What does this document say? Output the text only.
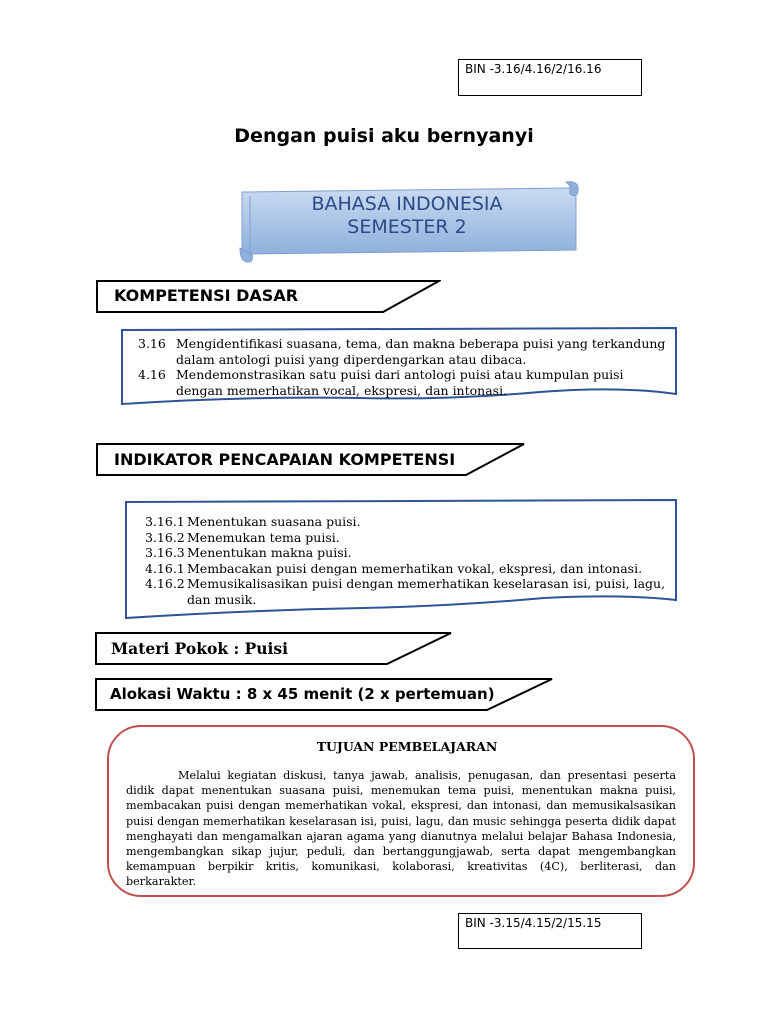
BIN -3.16/4.16/2/16.16
Dengan puisi aku bernyanyi
BAHASA INDONESIA
SEMESTER 2
KOMPETENSI DASAR
3.16 Mengidentifikasi suasana, tema, dan makna beberapa puisi yang terkandung dalam antologi puisi yang diperdengarkan atau dibaca.
4.16 Mendemonstrasikan satu puisi dari antologi puisi atau kumpulan puisi dengan memerhatikan vocal, ekspresi, dan intonasi.
INDIKATOR PENCAPAIAN KOMPETENSI
3.16.1 Menentukan suasana puisi.
3.16.2 Menemukan tema puisi.
3.16.3 Menentukan makna puisi.
4.16.1 Membacakan puisi dengan memerhatikan vokal, ekspresi, dan intonasi.
4.16.2 Memusikalisasikan puisi dengan memerhatikan keselarasan isi, puisi, lagu, dan musik.
Materi Pokok : Puisi
Alokasi Waktu : 8 x 45 menit (2 x pertemuan)
TUJUAN PEMBELAJARAN
Melalui kegiatan diskusi, tanya jawab, analisis, penugasan, dan presentasi peserta didik dapat menentukan suasana puisi, menemukan tema puisi, menentukan makna puisi, membacakan puisi dengan memerhatikan vokal, ekspresi, dan intonasi, dan memusikalsasikan puisi dengan memerhatikan keselarasan isi, puisi, lagu, dan music sehingga peserta didik dapat menghayati dan mengamalkan ajaran agama yang dianutnya melalui belajar Bahasa Indonesia, mengembangkan sikap jujur, peduli, dan bertanggungjawab, serta dapat mengembangkan kemampuan berpikir kritis, komunikasi, kolaborasi, kreativitas (4C), berliterasi, dan berkarakter.
BIN -3.15/4.15/2/15.15
